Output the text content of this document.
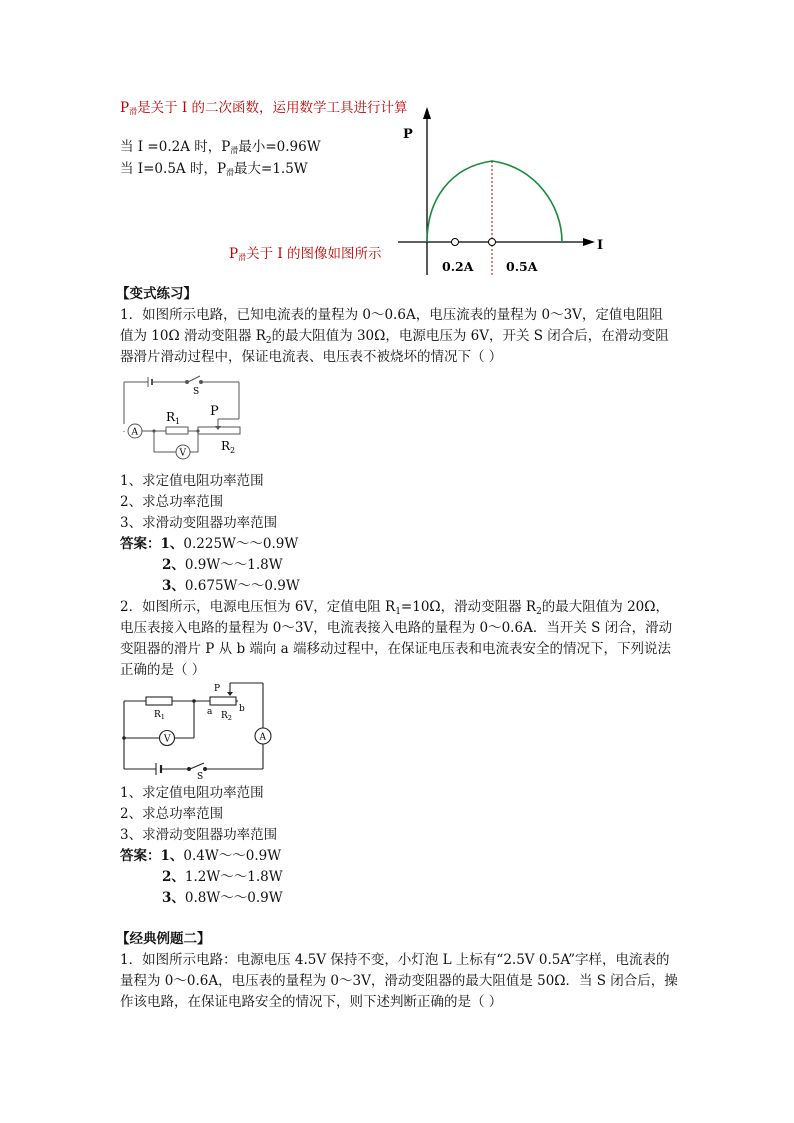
$P_滑$是关于 I 的二次函数，运用数学工具进行计算
当 I =0.2A 时，$P_滑$最小=0.96W
当 I=0.5A 时，$P_滑$最大=1.5W
$P_滑$关于 I 的图像如图所示
P
I
0.2A	0.5A
【变式练习】
1．如图所示电路，已知电流表的量程为 0～0.6A，电压流表的量程为 0～3V，定值电阻阻
值为 10Ω 滑动变阻器 $R_2$的最大阻值为 30Ω，电源电压为 6V，开关 S 闭合后，在滑动变阻
器滑片滑动过程中，保证电流表、电压表不被烧坏的情况下（ ）
S
$R_1$
P
$R_2$
A
V
1、求定值电阻功率范围
2、求总功率范围
3、求滑动变阻器功率范围
答案：1、0.225W～～0.9W
2、0.9W～～1.8W
3、0.675W～～0.9W
2．如图所示，电源电压恒为 6V，定值电阻 $R_1=10\Omega$，滑动变阻器 $R_2$的最大阻值为 20Ω，
电压表接入电路的量程为 0～3V，电流表接入电路的量程为 0～0.6A．当开关 S 闭合，滑动
变阻器的滑片 P 从 b 端向 a 端移动过程中，在保证电压表和电流表安全的情况下，下列说法
正确的是（ ）
$R_1$
P
a $R_2$
b
V	A
S
1、求定值电阻功率范围
2、求总功率范围
3、求滑动变阻器功率范围
答案：1、0.4W～～0.9W
2、1.2W～～1.8W
3、0.8W～～0.9W
【经典例题二】
1．如图所示电路：电源电压 4.5V 保持不变，小灯泡 L 上标有“2.5V 0.5A”字样，电流表的
量程为 0～0.6A，电压表的量程为 0～3V，滑动变阻器的最大阻值是 50Ω．当 S 闭合后，操
作该电路，在保证电路安全的情况下，则下述判断正确的是（ ）
